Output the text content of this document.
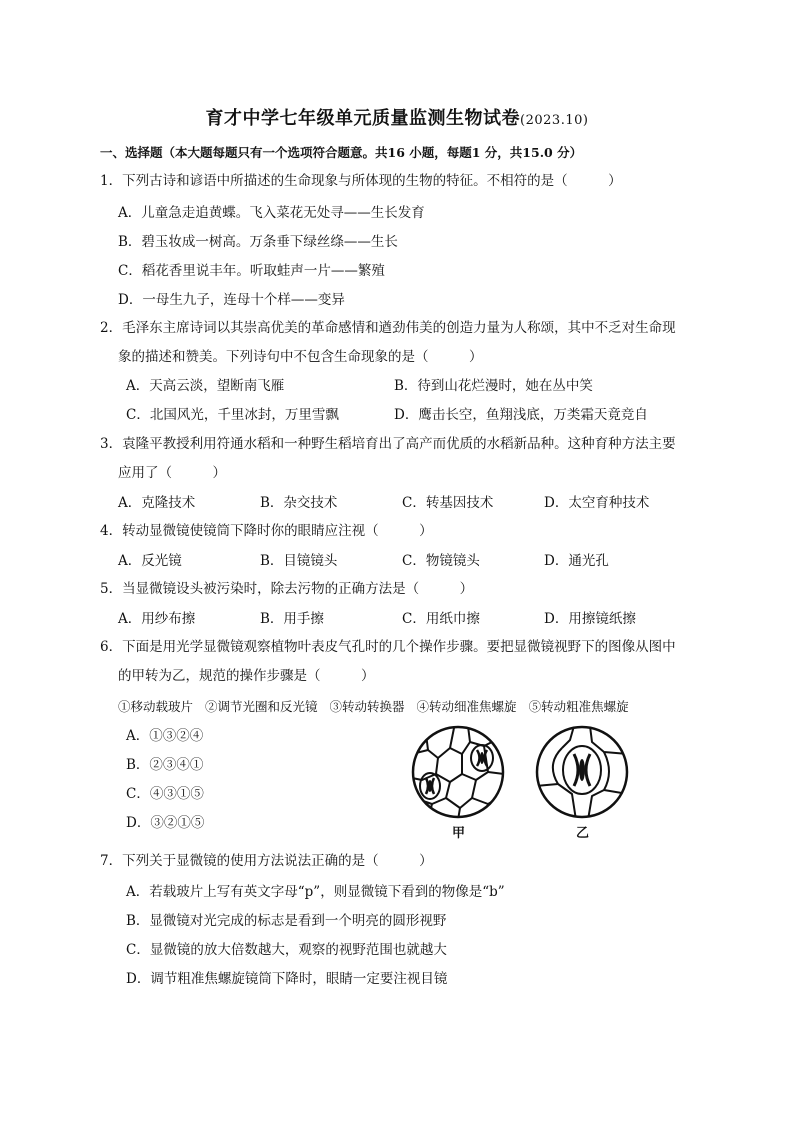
育才中学七年级单元质量监测生物试卷(2023.10)
一、选择题（本大题每题只有一个选项符合题意。共16 小题，每题1 分，共15.0 分）
1．下列古诗和谚语中所描述的生命现象与所体现的生物的特征。不相符的是（　　　）
A．儿童急走追黄蝶。飞入菜花无处寻——生长发育
B．碧玉妆成一树高。万条垂下绿丝绦——生长
C．稻花香里说丰年。听取蛙声一片——繁殖
D．一母生九子，连母十个样——变异
2．毛泽东主席诗词以其崇高优美的革命感情和遒劲伟美的创造力量为人称颂，其中不乏对生命现
象的描述和赞美。下列诗句中不包含生命现象的是（　　　）
A．天高云淡，望断南飞雁	B．待到山花烂漫时，她在丛中笑
C．北国风光，千里冰封，万里雪飘	D．鹰击长空，鱼翔浅底，万类霜天竟竞自
3．袁隆平教授利用符通水稻和一种野生稻培育出了高产而优质的水稻新品种。这种育种方法主要
应用了（　　　）
A．克隆技术	B．杂交技术	C．转基因技术	D．太空育种技术
4．转动显微镜使镜筒下降时你的眼睛应注视（　　　）
A．反光镜	B．目镜镜头	C．物镜镜头	D．通光孔
5．当显微镜设头被污染时，除去污物的正确方法是（　　　）
A．用纱布擦	B．用手擦	C．用纸巾擦	D．用擦镜纸擦
6．下面是用光学显微镜观察植物叶表皮气孔时的几个操作步骤。要把显微镜视野下的图像从图中
的甲转为乙，规范的操作步骤是（　　　）
①移动载玻片 ②调节光圈和反光镜 ③转动转换器 ④转动细准焦螺旋 ⑤转动粗准焦螺旋
A．①③②④
B．②③④①
C．④③①⑤
D．③②①⑤
甲	乙
7．下列关于显微镜的使用方法说法正确的是（　　　）
A．若载玻片上写有英文字母“p”，则显微镜下看到的物像是“b”
B．显微镜对光完成的标志是看到一个明亮的圆形视野
C．显微镜的放大倍数越大，观察的视野范围也就越大
D．调节粗准焦螺旋镜筒下降时，眼睛一定要注视目镜
